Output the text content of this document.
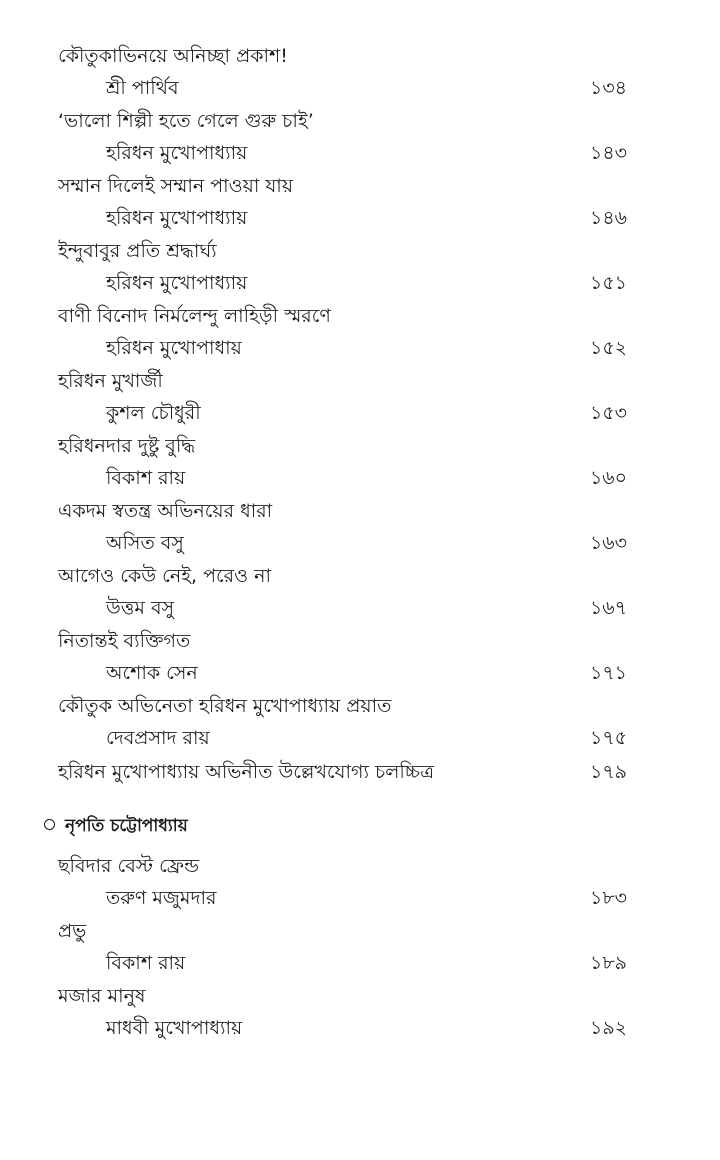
কৌতুকাভিনয়ে অনিচ্ছা প্রকাশ!
শ্রী পার্থিব	১৩৪
‘ভালো শিল্পী হতে গেলে গুরু চাই’
হরিধন মুখোপাধ্যায়	১৪৩
সম্মান দিলেই সম্মান পাওয়া যায়
হরিধন মুখোপাধ্যায়	১৪৬
ইন্দুবাবুর প্রতি শ্রদ্ধার্ঘ্য
হরিধন মুখোপাধ্যায়	১৫১
বাণী বিনোদ নির্মলেন্দু লাহিড়ী স্মরণে
হরিধন মুখোপাধায়	১৫২
হরিধন মুখার্জী
কুশল চৌধুরী	১৫৩
হরিধনদার দুষ্টু বুদ্ধি
বিকাশ রায়	১৬০
একদম স্বতন্ত্র অভিনয়ের ধারা
অসিত বসু	১৬৩
আগেও কেউ নেই, পরেও না
উত্তম বসু	১৬৭
নিতান্তই ব্যক্তিগত
অশোক সেন	১৭১
কৌতুক অভিনেতা হরিধন মুখোপাধ্যায় প্রয়াত
দেবপ্রসাদ রায়	১৭৫
হরিধন মুখোপাধ্যায় অভিনীত উল্লেখযোগ্য চলচ্চিত্র	১৭৯
নৃপতি চট্টোপাধ্যায়
ছবিদার বেস্ট ফ্রেন্ড
তরুণ মজুমদার	১৮৩
প্রভু
বিকাশ রায়	১৮৯
মজার মানুষ
মাধবী মুখোপাধ্যায়	১৯২
